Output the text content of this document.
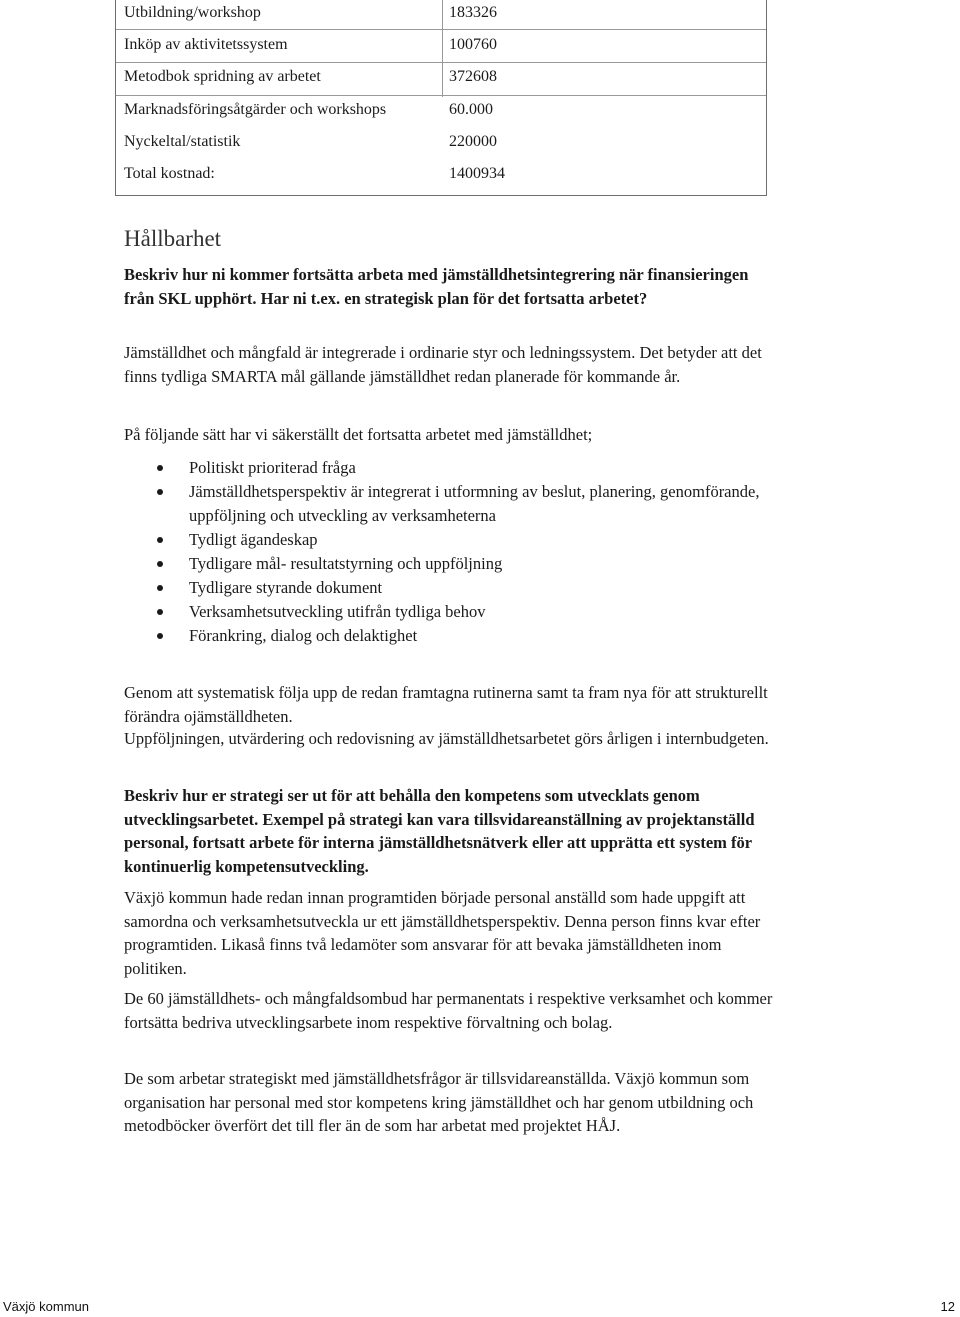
Utbildning/workshop	183326
Inköp av aktivitetssystem	100760
Metodbok spridning av arbetet	372608
Marknadsföringsåtgärder och workshops	60.000
Nyckeltal/statistik	220000
Total kostnad:	1400934
Hållbarhet

Beskriv hur ni kommer fortsätta arbeta med jämställdhetsintegrering när finansieringen från SKL upphört. Har ni t.ex. en strategisk plan för det fortsatta arbetet?

Jämställdhet och mångfald är integrerade i ordinarie styr och ledningssystem. Det betyder att det finns tydliga SMARTA mål gällande jämställdhet redan planerade för kommande år.

På följande sätt har vi säkerställt det fortsatta arbetet med jämställdhet;

Politiskt prioriterad fråga
Jämställdhetsperspektiv är integrerat i utformning av beslut, planering, genomförande, uppföljning och utveckling av verksamheterna
Tydligt ägandeskap
Tydligare mål- resultatstyrning och uppföljning
Tydligare styrande dokument
Verksamhetsutveckling utifrån tydliga behov
Förankring, dialog och delaktighet

Genom att systematisk följa upp de redan framtagna rutinerna samt ta fram nya för att strukturellt förändra ojämställdheten.

Uppföljningen, utvärdering och redovisning av jämställdhetsarbetet görs årligen i internbudgeten.

Beskriv hur er strategi ser ut för att behålla den kompetens som utvecklats genom utvecklingsarbetet. Exempel på strategi kan vara tillsvidareanställning av projektanställd personal, fortsatt arbete för interna jämställdhetsnätverk eller att upprätta ett system för kontinuerlig kompetensutveckling.

Växjö kommun hade redan innan programtiden började personal anställd som hade uppgift att samordna och verksamhetsutveckla ur ett jämställdhetsperspektiv. Denna person finns kvar efter programtiden. Likaså finns två ledamöter som ansvarar för att bevaka jämställdheten inom politiken.

De 60 jämställdhets- och mångfaldsombud har permanentats i respektive verksamhet och kommer fortsätta bedriva utvecklingsarbete inom respektive förvaltning och bolag.

De som arbetar strategiskt med jämställdhetsfrågor är tillsvidareanställda. Växjö kommun som organisation har personal med stor kompetens kring jämställdhet och har genom utbildning och metodböcker överfört det till fler än de som har arbetat med projektet HÅJ.

Växjö kommun	12
